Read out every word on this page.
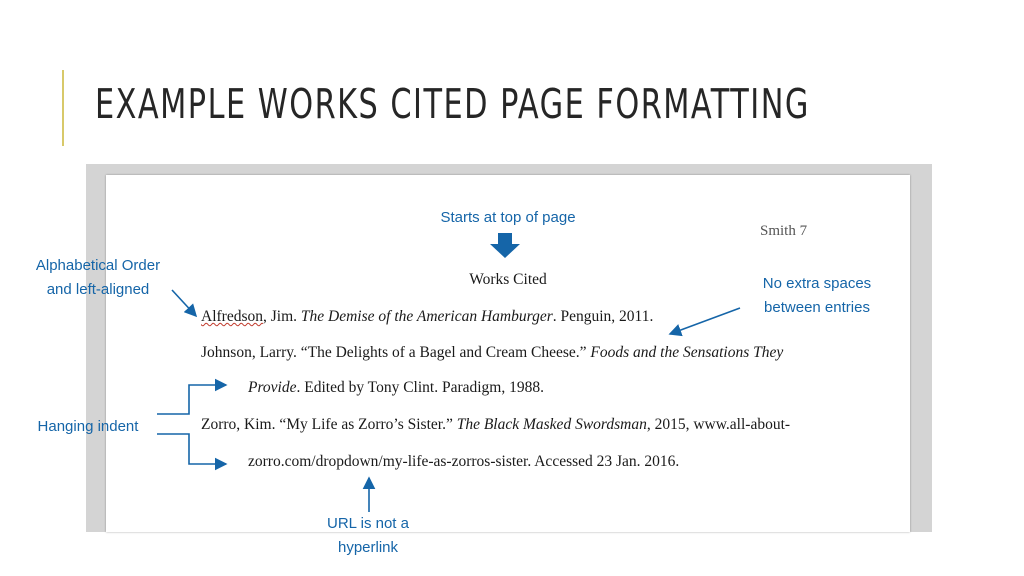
EXAMPLE WORKS CITED PAGE FORMATTING
Smith 7
Works Cited
Alfredson, Jim. The Demise of the American Hamburger. Penguin, 2011.
Johnson, Larry. “The Delights of a Bagel and Cream Cheese.” Foods and the Sensations They
Provide. Edited by Tony Clint. Paradigm, 1988.
Zorro, Kim. “My Life as Zorro’s Sister.” The Black Masked Swordsman, 2015, www.all-about-
zorro.com/dropdown/my-life-as-zorros-sister. Accessed 23 Jan. 2016.
Starts at top of page
Alphabetical Order
and left-aligned	No extra spaces
between entries
Hanging indent
URL is not a
hyperlink
